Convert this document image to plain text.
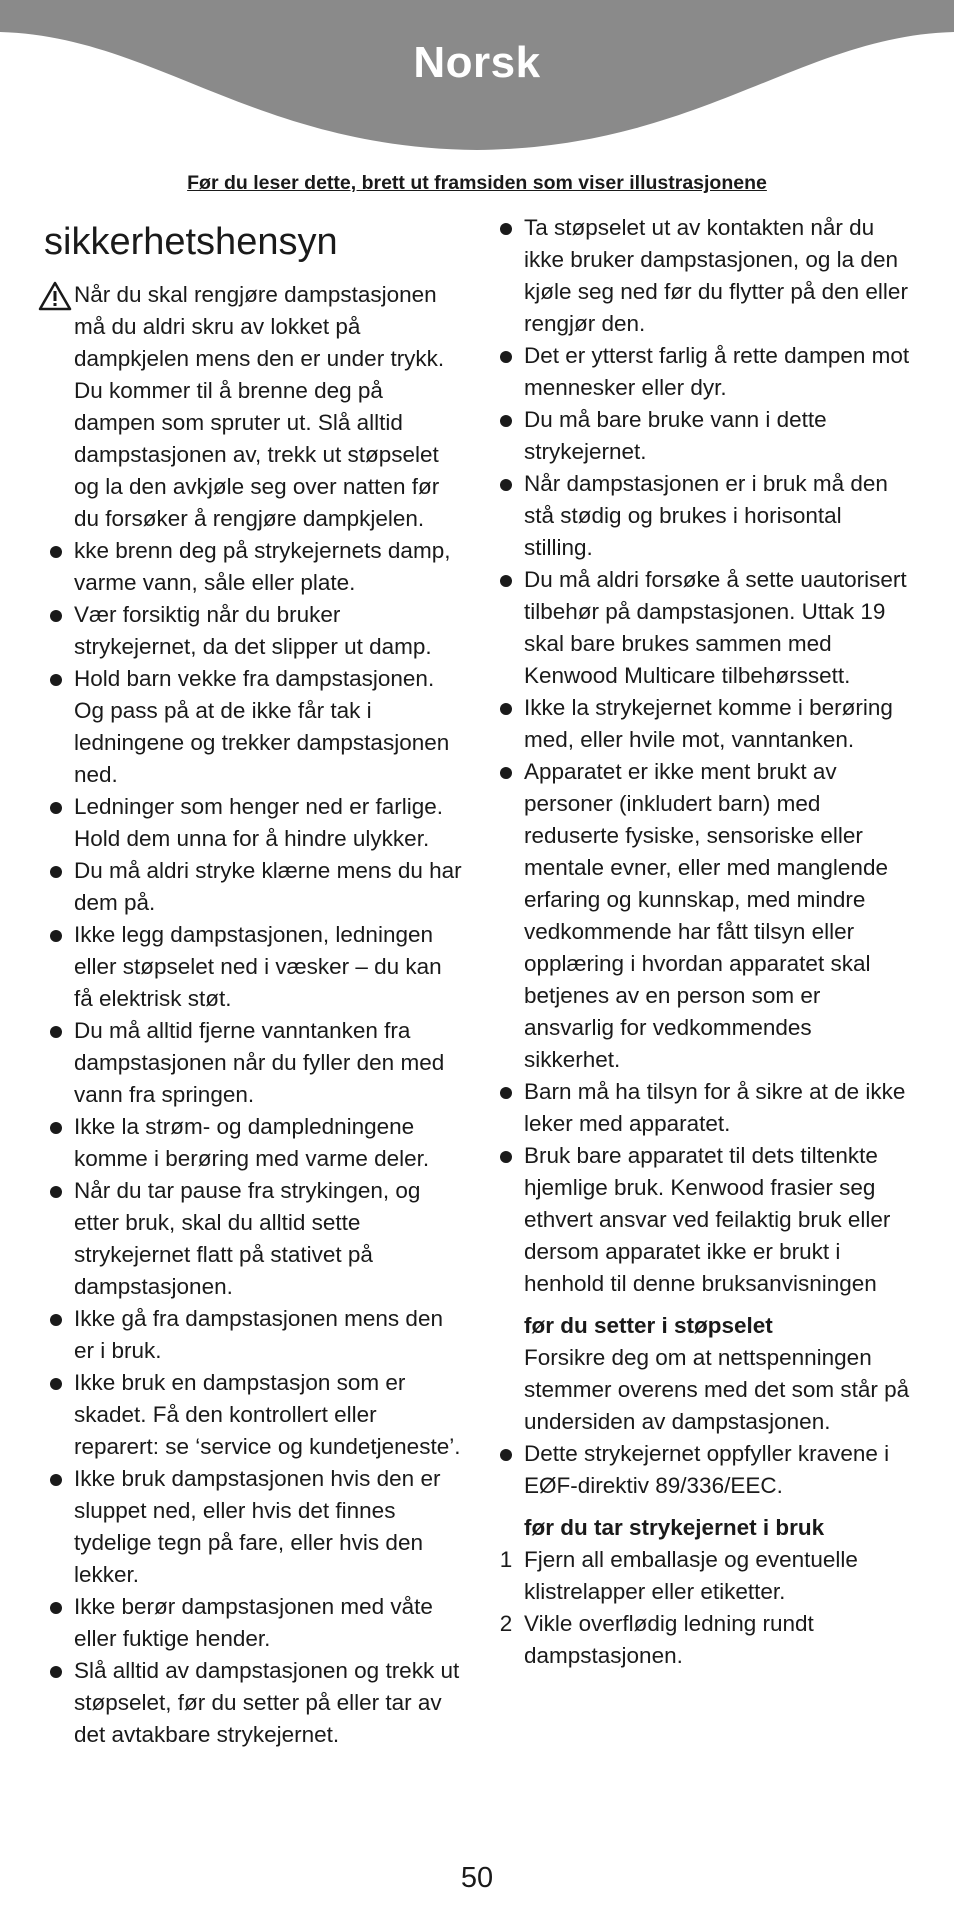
Norsk
Før du leser dette, brett ut framsiden som viser illustrasjonene
sikkerhetshensyn
Når du skal rengjøre dampstasjonen må du aldri skru av lokket på dampkjelen mens den er under trykk. Du kommer til å brenne deg på dampen som spruter ut. Slå alltid dampstasjonen av, trekk ut støpselet og la den avkjøle seg over natten før du forsøker å rengjøre dampkjelen.
kke brenn deg på strykejernets damp, varme vann, såle eller plate.
Vær forsiktig når du bruker strykejernet, da det slipper ut damp.
Hold barn vekke fra dampstasjonen. Og pass på at de ikke får tak i ledningene og trekker dampstasjonen ned.
Ledninger som henger ned er farlige. Hold dem unna for å hindre ulykker.
Du må aldri stryke klærne mens du har dem på.
Ikke legg dampstasjonen, ledningen eller støpselet ned i væsker – du kan få elektrisk støt.
Du må alltid fjerne vanntanken fra dampstasjonen når du fyller den med vann fra springen.
Ikke la strøm- og dampledningene komme i berøring med varme deler.
Når du tar pause fra strykingen, og etter bruk, skal du alltid sette strykejernet flatt på stativet på dampstasjonen.
Ikke gå fra dampstasjonen mens den er i bruk.
Ikke bruk en dampstasjon som er skadet. Få den kontrollert eller reparert: se ‘service og kundetjeneste’.
Ikke bruk dampstasjonen hvis den er sluppet ned, eller hvis det finnes tydelige tegn på fare, eller hvis den lekker.
Ikke berør dampstasjonen med våte eller fuktige hender.
Slå alltid av dampstasjonen og trekk ut støpselet, før du setter på eller tar av det avtakbare strykejernet.
Ta støpselet ut av kontakten når du ikke bruker dampstasjonen, og la den kjøle seg ned før du flytter på den eller rengjør den.
Det er ytterst farlig å rette dampen mot mennesker eller dyr.
Du må bare bruke vann i dette strykejernet.
Når dampstasjonen er i bruk må den stå stødig og brukes i horisontal stilling.
Du må aldri forsøke å sette uautorisert tilbehør på dampstasjonen. Uttak 19 skal bare brukes sammen med Kenwood Multicare tilbehørssett.
Ikke la strykejernet komme i berøring med, eller hvile mot, vanntanken.
Apparatet er ikke ment brukt av personer (inkludert barn) med reduserte fysiske, sensoriske eller mentale evner, eller med manglende erfaring og kunnskap, med mindre vedkommende har fått tilsyn eller opplæring i hvordan apparatet skal betjenes av en person som er ansvarlig for vedkommendes sikkerhet.
Barn må ha tilsyn for å sikre at de ikke leker med apparatet.
Bruk bare apparatet til dets tiltenkte hjemlige bruk. Kenwood frasier seg ethvert ansvar ved feilaktig bruk eller dersom apparatet ikke er brukt i henhold til denne bruksanvisningen
før du setter i støpselet
Forsikre deg om at nettspenningen stemmer overens med det som står på undersiden av dampstasjonen.
Dette strykejernet oppfyller kravene i EØF-direktiv 89/336/EEC.
før du tar strykejernet i bruk
1 Fjern all emballasje og eventuelle klistrelapper eller etiketter.
2 Vikle overflødig ledning rundt dampstasjonen.
50
